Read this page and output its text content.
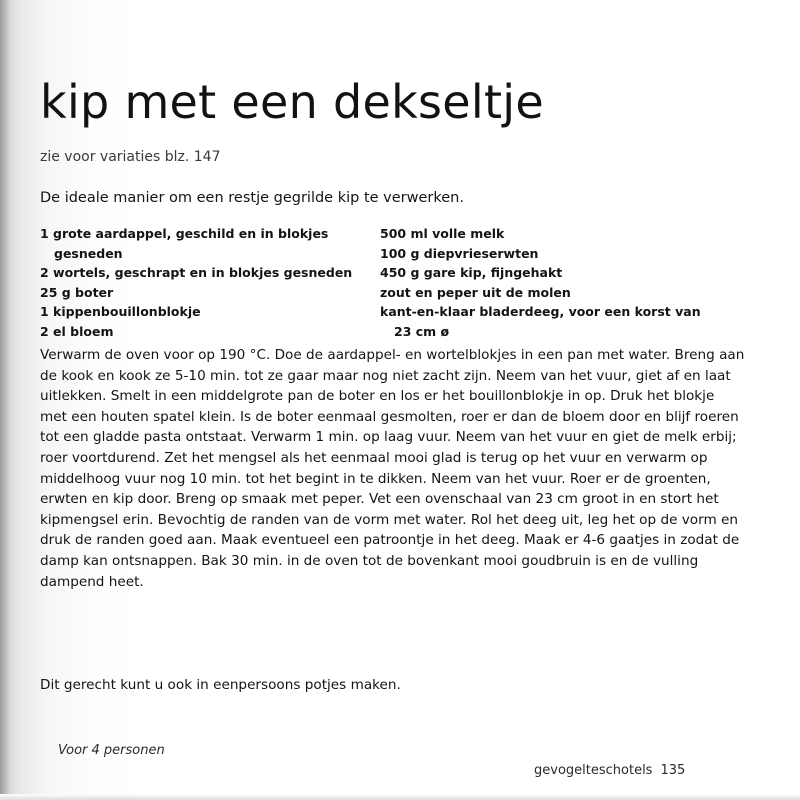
kip met een dekseltje
zie voor variaties blz. 147
De ideale manier om een restje gegrilde kip te verwerken.
1 grote aardappel, geschild en in blokjes gesneden
2 wortels, geschrapt en in blokjes gesneden
25 g boter
1 kippenbouillonblokje
2 el bloem
500 ml volle melk
100 g diepvrieserwten
450 g gare kip, fijngehakt
zout en peper uit de molen
kant-en-klaar bladerdeeg, voor een korst van 23 cm ø

Verwarm de oven voor op 190 °C. Doe de aardappel- en wortelblokjes in een pan met water. Breng aan de kook en kook ze 5-10 min. tot ze gaar maar nog niet zacht zijn. Neem van het vuur, giet af en laat uitlekken. Smelt in een middelgrote pan de boter en los er het bouillonblokje in op. Druk het blokje met een houten spatel klein. Is de boter eenmaal gesmolten, roer er dan de bloem door en blijf roeren tot een gladde pasta ontstaat. Verwarm 1 min. op laag vuur. Neem van het vuur en giet de melk erbij; roer voortdurend. Zet het mengsel als het eenmaal mooi glad is terug op het vuur en verwarm op middelhoog vuur nog 10 min. tot het begint in te dikken. Neem van het vuur. Roer er de groenten, erwten en kip door. Breng op smaak met peper. Vet een ovenschaal van 23 cm groot in en stort het kipmengsel erin. Bevochtig de randen van de vorm met water. Rol het deeg uit, leg het op de vorm en druk de randen goed aan. Maak eventueel een patroontje in het deeg. Maak er 4-6 gaatjes in zodat de damp kan ontsnappen. Bak 30 min. in de oven tot de bovenkant mooi goudbruin is en de vulling dampend heet.

Dit gerecht kunt u ook in eenpersoons potjes maken.

Voor 4 personen

gevogelteschotels 135
